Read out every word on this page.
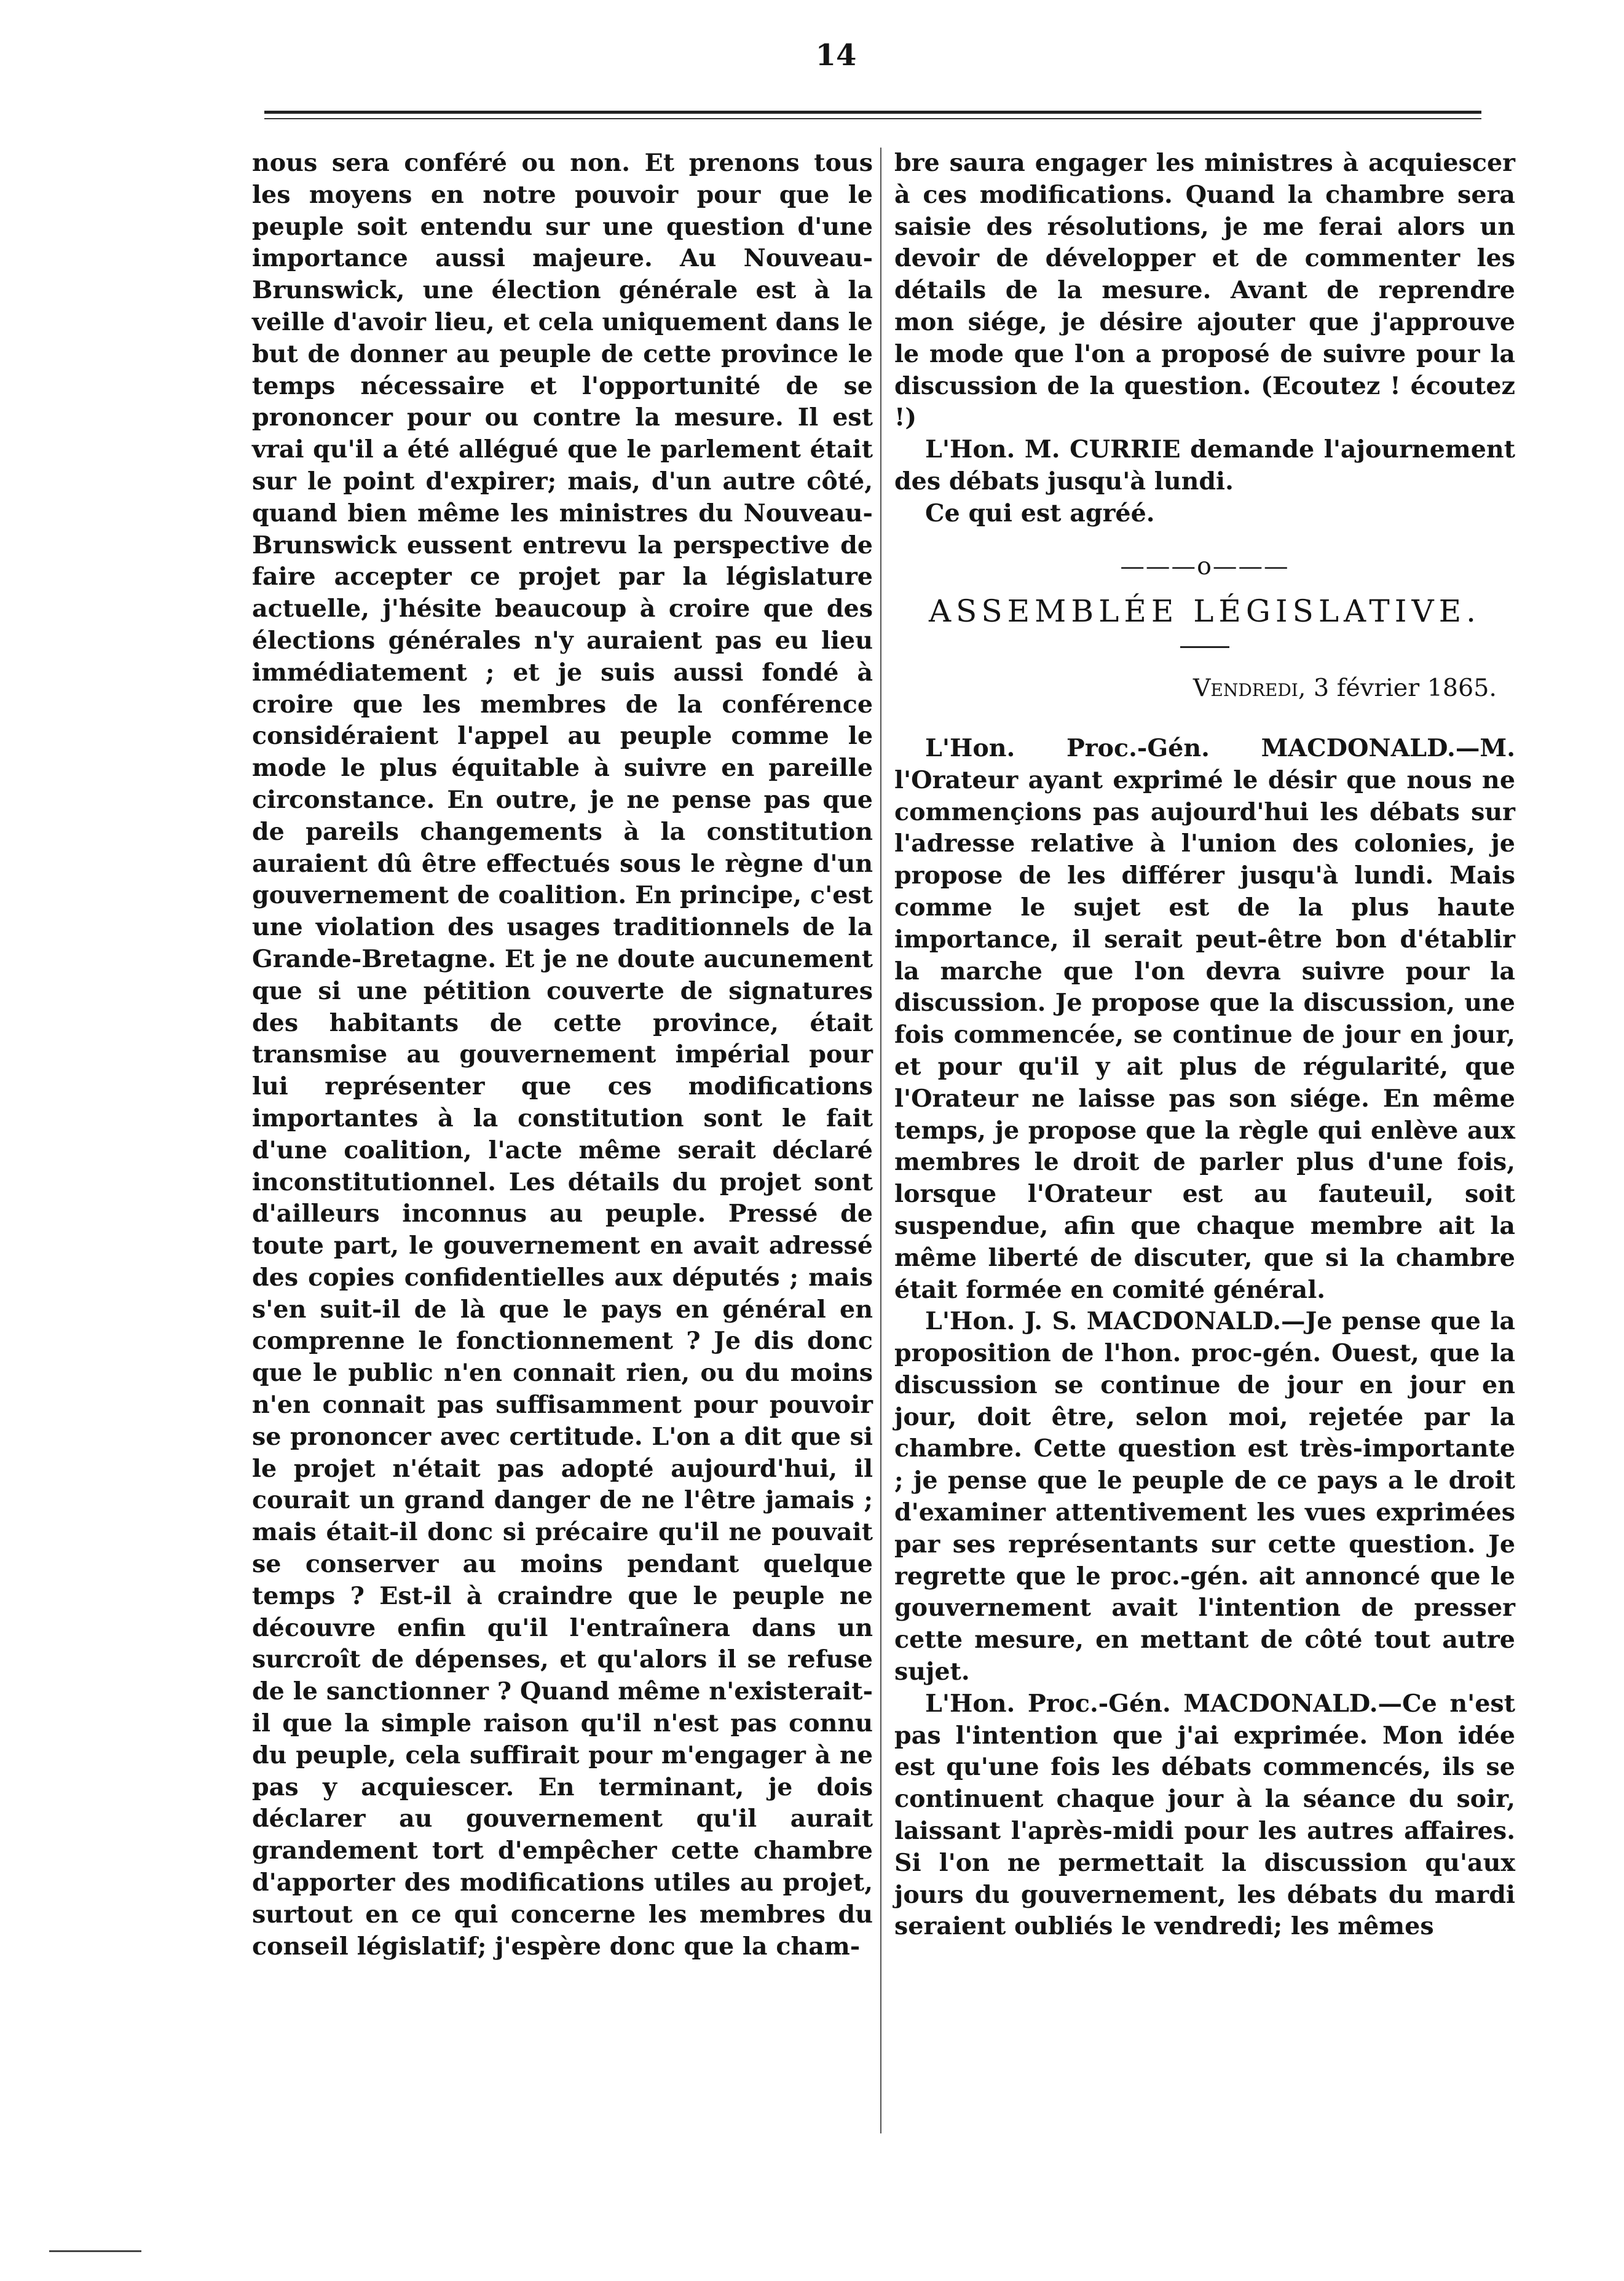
14

nous sera conféré ou non. Et prenons tous les moyens en notre pouvoir pour que le peuple soit entendu sur une question d'une importance aussi majeure. Au Nouveau-Brunswick, une élection générale est à la veille d'avoir lieu, et cela uniquement dans le but de donner au peuple de cette province le temps nécessaire et l'opportunité de se prononcer pour ou contre la mesure. Il est vrai qu'il a été allégué que le parlement était sur le point d'expirer; mais, d'un autre côté, quand bien même les ministres du Nouveau-Brunswick eussent entrevu la perspective de faire accepter ce projet par la législature actuelle, j'hésite beaucoup à croire que des élections générales n'y auraient pas eu lieu immédiatement ; et je suis aussi fondé à croire que les membres de la conférence considéraient l'appel au peuple comme le mode le plus équitable à suivre en pareille circonstance. En outre, je ne pense pas que de pareils changements à la constitution auraient dû être effectués sous le règne d'un gouvernement de coalition. En principe, c'est une violation des usages traditionnels de la Grande-Bretagne. Et je ne doute aucunement que si une pétition couverte de signatures des habitants de cette province, était transmise au gouvernement impérial pour lui représenter que ces modifications importantes à la constitution sont le fait d'une coalition, l'acte même serait déclaré inconstitutionnel. Les détails du projet sont d'ailleurs inconnus au peuple. Pressé de toute part, le gouvernement en avait adressé des copies confidentielles aux députés ; mais s'en suit-il de là que le pays en général en comprenne le fonctionnement ? Je dis donc que le public n'en connait rien, ou du moins n'en connait pas suffisamment pour pouvoir se prononcer avec certitude. L'on a dit que si le projet n'était pas adopté aujourd'hui, il courait un grand danger de ne l'être jamais ; mais était-il donc si précaire qu'il ne pouvait se conserver au moins pendant quelque temps ? Est-il à craindre que le peuple ne découvre enfin qu'il l'entraînera dans un surcroît de dépenses, et qu'alors il se refuse de le sanctionner ? Quand même n'existerait-il que la simple raison qu'il n'est pas connu du peuple, cela suffirait pour m'engager à ne pas y acquiescer. En terminant, je dois déclarer au gouvernement qu'il aurait grandement tort d'empêcher cette chambre d'apporter des modifications utiles au projet, surtout en ce qui concerne les membres du conseil législatif; j'espère donc que la cham-

bre saura engager les ministres à acquiescer à ces modifications. Quand la chambre sera saisie des résolutions, je me ferai alors un devoir de développer et de commenter les détails de la mesure. Avant de reprendre mon siége, je désire ajouter que j'approuve le mode que l'on a proposé de suivre pour la discussion de la question. (Ecoutez ! écoutez !)

L'Hon. M. CURRIE demande l'ajournement des débats jusqu'à lundi.

Ce qui est agréé.

———o———
ASSEMBLÉE LÉGISLATIVE.
Vendredi, 3 février 1865.

L'Hon. Proc.-Gén. MACDONALD.—M. l'Orateur ayant exprimé le désir que nous ne commençions pas aujourd'hui les débats sur l'adresse relative à l'union des colonies, je propose de les différer jusqu'à lundi. Mais comme le sujet est de la plus haute importance, il serait peut-être bon d'établir la marche que l'on devra suivre pour la discussion. Je propose que la discussion, une fois commencée, se continue de jour en jour, et pour qu'il y ait plus de régularité, que l'Orateur ne laisse pas son siége. En même temps, je propose que la règle qui enlève aux membres le droit de parler plus d'une fois, lorsque l'Orateur est au fauteuil, soit suspendue, afin que chaque membre ait la même liberté de discuter, que si la chambre était formée en comité général.

L'Hon. J. S. MACDONALD.—Je pense que la proposition de l'hon. proc-gén. Ouest, que la discussion se continue de jour en jour en jour, doit être, selon moi, rejetée par la chambre. Cette question est très-importante ; je pense que le peuple de ce pays a le droit d'examiner attentivement les vues exprimées par ses représentants sur cette question. Je regrette que le proc.-gén. ait annoncé que le gouvernement avait l'intention de presser cette mesure, en mettant de côté tout autre sujet.

L'Hon. Proc.-Gén. MACDONALD.—Ce n'est pas l'intention que j'ai exprimée. Mon idée est qu'une fois les débats commencés, ils se continuent chaque jour à la séance du soir, laissant l'après-midi pour les autres affaires. Si l'on ne permettait la discussion qu'aux jours du gouvernement, les débats du mardi seraient oubliés le vendredi; les mêmes
